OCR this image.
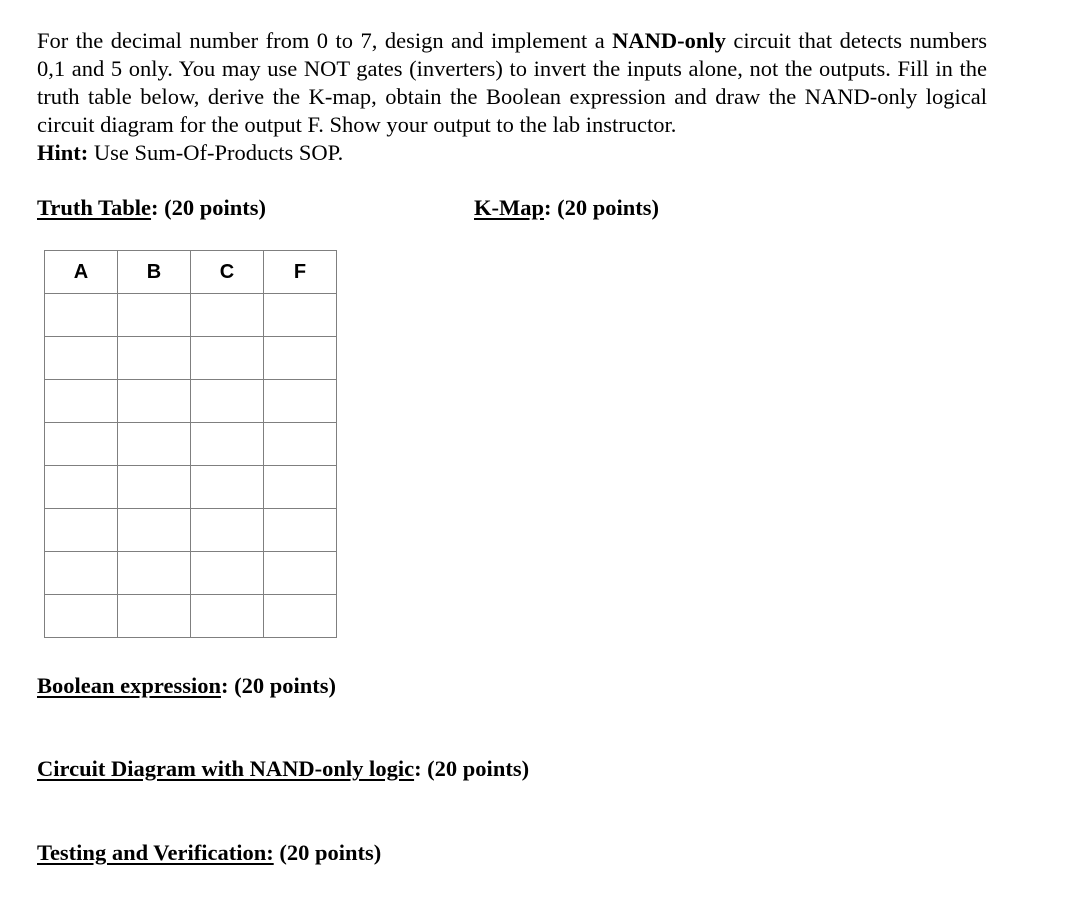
For the decimal number from 0 to 7, design and implement a NAND-only circuit that detects numbers 0,1 and 5 only. You may use NOT gates (inverters) to invert the inputs alone, not the outputs. Fill in the truth table below, derive the K-map, obtain the Boolean expression and draw the NAND-only logical circuit diagram for the output F. Show your output to the lab instructor.
Hint: Use Sum-Of-Products SOP.

Truth Table: (20 points)	K-Map: (20 points)

A	B	C	F

Boolean expression: (20 points)

Circuit Diagram with NAND-only logic: (20 points)

Testing and Verification: (20 points)
